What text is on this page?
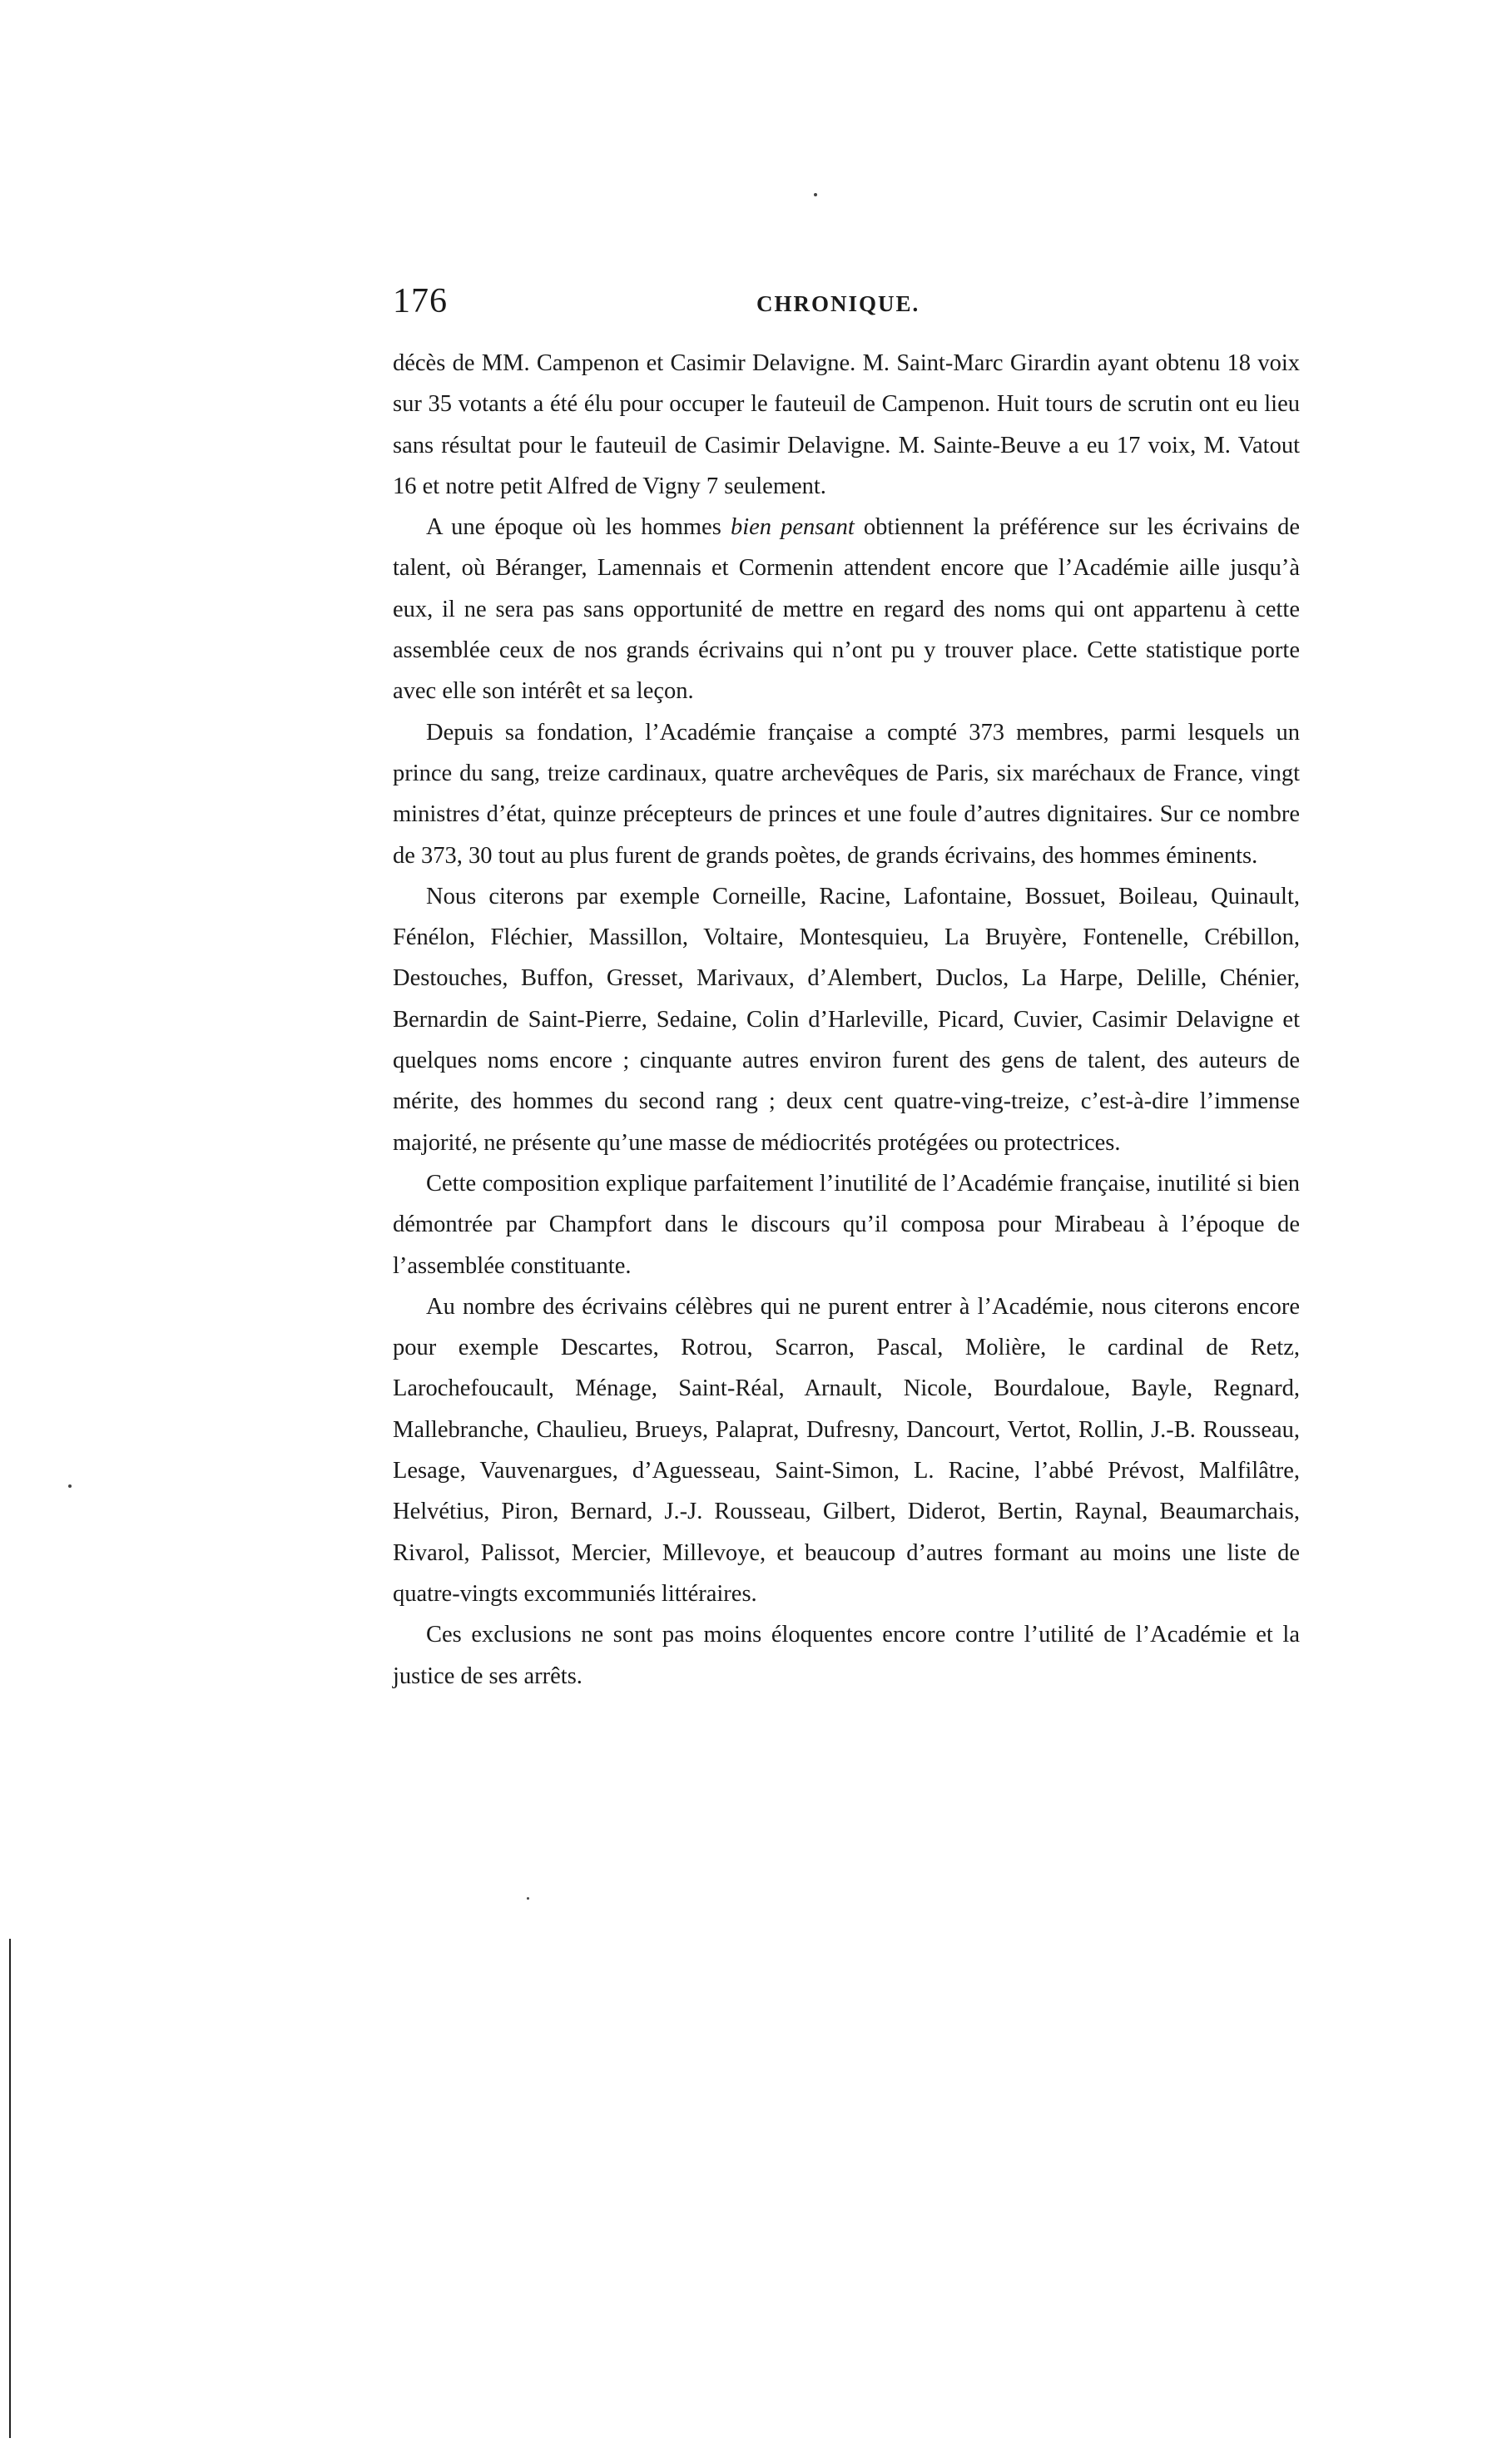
176	CHRONIQUE.

décès de MM. Campenon et Casimir Delavigne. M. Saint-Marc Girardin ayant obtenu 18 voix sur 35 votants a été élu pour occuper le fauteuil de Campenon. Huit tours de scrutin ont eu lieu sans résultat pour le fauteuil de Casimir Delavigne. M. Sainte-Beuve a eu 17 voix, M. Vatout 16 et notre petit Alfred de Vigny 7 seulement.

A une époque où les hommes bien pensant obtiennent la préférence sur les écrivains de talent, où Béranger, Lamennais et Cormenin attendent encore que l’Académie aille jusqu’à eux, il ne sera pas sans opportunité de mettre en regard des noms qui ont appartenu à cette assemblée ceux de nos grands écrivains qui n’ont pu y trouver place. Cette statistique porte avec elle son intérêt et sa leçon.

Depuis sa fondation, l’Académie française a compté 373 membres, parmi lesquels un prince du sang, treize cardinaux, quatre archevêques de Paris, six maréchaux de France, vingt ministres d’état, quinze précepteurs de princes et une foule d’autres dignitaires. Sur ce nombre de 373, 30 tout au plus furent de grands poètes, de grands écrivains, des hommes éminents.

Nous citerons par exemple Corneille, Racine, Lafontaine, Bossuet, Boileau, Quinault, Fénélon, Fléchier, Massillon, Voltaire, Montesquieu, La Bruyère, Fontenelle, Crébillon, Destouches, Buffon, Gresset, Marivaux, d’Alembert, Duclos, La Harpe, Delille, Chénier, Bernardin de Saint-Pierre, Sedaine, Colin d’Harleville, Picard, Cuvier, Casimir Delavigne et quelques noms encore ; cinquante autres environ furent des gens de talent, des auteurs de mérite, des hommes du second rang ; deux cent quatre-ving-treize, c’est-à-dire l’immense majorité, ne présente qu’une masse de médiocrités protégées ou protectrices.

Cette composition explique parfaitement l’inutilité de l’Académie française, inutilité si bien démontrée par Champfort dans le discours qu’il composa pour Mirabeau à l’époque de l’assemblée constituante.

Au nombre des écrivains célèbres qui ne purent entrer à l’Académie, nous citerons encore pour exemple Descartes, Rotrou, Scarron, Pascal, Molière, le cardinal de Retz, Larochefoucault, Ménage, Saint-Réal, Arnault, Nicole, Bourdaloue, Bayle, Regnard, Mallebranche, Chaulieu, Brueys, Palaprat, Dufresny, Dancourt, Vertot, Rollin, J.-B. Rousseau, Lesage, Vauvenargues, d’Aguesseau, Saint-Simon, L. Racine, l’abbé Prévost, Malfilâtre, Helvétius, Piron, Bernard, J.-J. Rousseau, Gilbert, Diderot, Bertin, Raynal, Beaumarchais, Rivarol, Palissot, Mercier, Millevoye, et beaucoup d’autres formant au moins une liste de quatre-vingts excommuniés littéraires.

Ces exclusions ne sont pas moins éloquentes encore contre l’utilité de l’Académie et la justice de ses arrêts.
